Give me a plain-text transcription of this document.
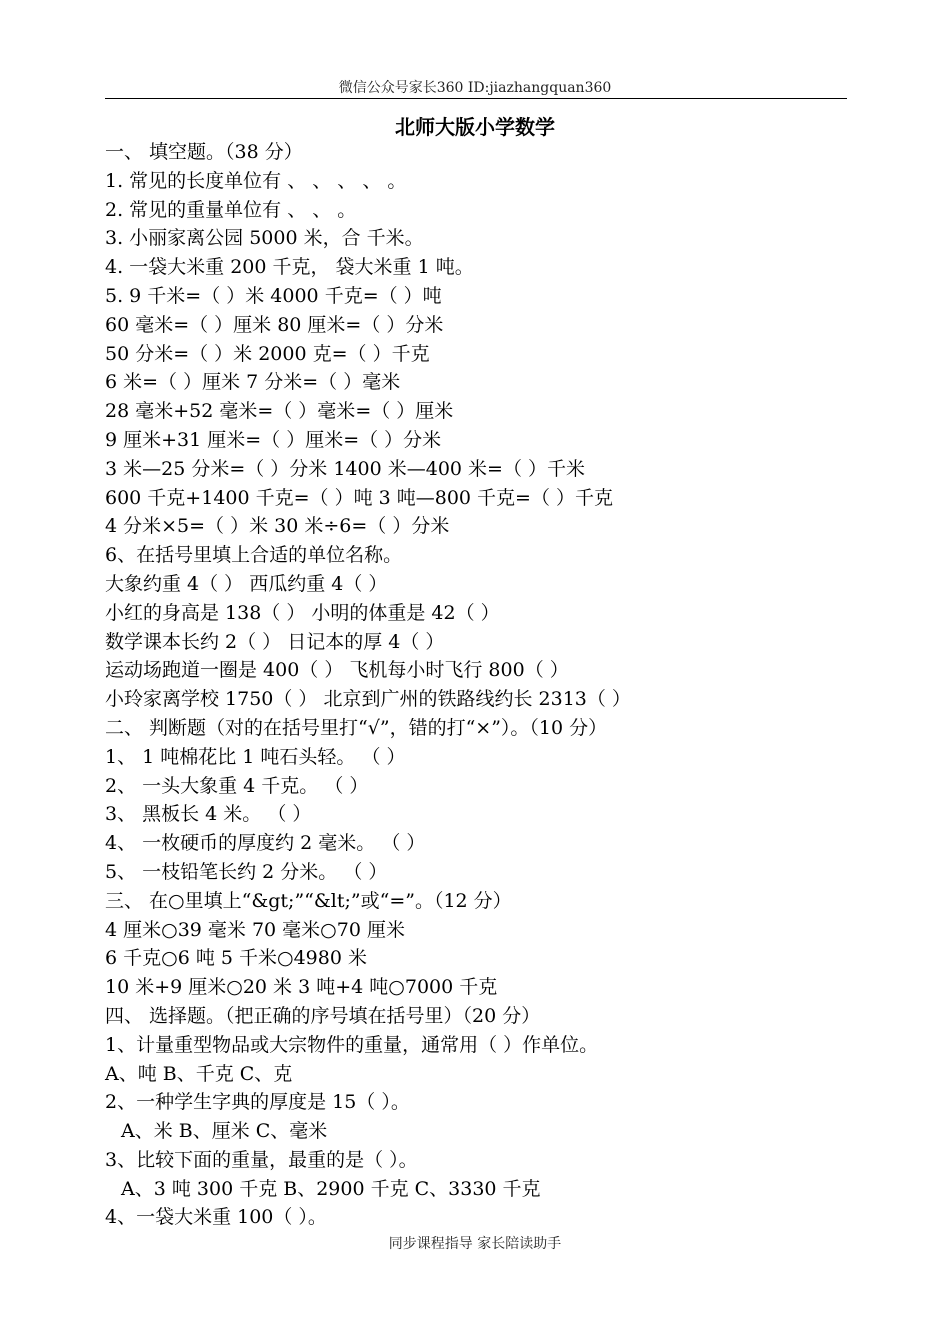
微信公众号家长360 ID:jiazhangquan360
北师大版小学数学
一、 填空题。（38 分）
1. 常见的长度单位有 、 、 、 、 。
2. 常见的重量单位有 、 、 。
3. 小丽家离公园 5000 米，合 千米。
4. 一袋大米重 200 千克， 袋大米重 1 吨。
5. 9 千米=（ ）米 4000 千克=（ ）吨
60 毫米=（ ）厘米 80 厘米=（ ）分米
50 分米=（ ）米 2000 克=（ ）千克
6 米=（ ）厘米 7 分米=（ ）毫米
28 毫米+52 毫米=（ ）毫米=（ ）厘米
9 厘米+31 厘米=（ ）厘米=（ ）分米
3 米—25 分米=（ ）分米 1400 米—400 米=（ ）千米
600 千克+1400 千克=（ ）吨 3 吨—800 千克=（ ）千克
4 分米×5=（ ）米 30 米÷6=（ ）分米
6、在括号里填上合适的单位名称。
大象约重 4（ ） 西瓜约重 4（ ）
小红的身高是 138（ ） 小明的体重是 42（ ）
数学课本长约 2（ ） 日记本的厚 4（ ）
运动场跑道一圈是 400（ ） 飞机每小时飞行 800（ ）
小玲家离学校 1750（ ） 北京到广州的铁路线约长 2313（ ）
二、 判断题（对的在括号里打“√”，错的打“×”）。（10 分）
1、 1 吨棉花比 1 吨石头轻。 （ ）
2、 一头大象重 4 千克。 （ ）
3、 黑板长 4 米。 （ ）
4、 一枚硬币的厚度约 2 毫米。 （ ）
5、 一枝铅笔长约 2 分米。 （ ）
三、 在○里填上“&gt;”“&lt;”或“=”。（12 分）
4 厘米○39 毫米 70 毫米○70 厘米
6 千克○6 吨 5 千米○4980 米
10 米+9 厘米○20 米 3 吨+4 吨○7000 千克
四、 选择题。（把正确的序号填在括号里）（20 分）
1、计量重型物品或大宗物件的重量，通常用（ ）作单位。
A、吨 B、千克 C、克
2、一种学生字典的厚度是 15（ ）。
A、米 B、厘米 C、毫米
3、比较下面的重量，最重的是（ ）。
A、3 吨 300 千克 B、2900 千克 C、3330 千克
4、一袋大米重 100（ ）。
同步课程指导 家长陪读助手
